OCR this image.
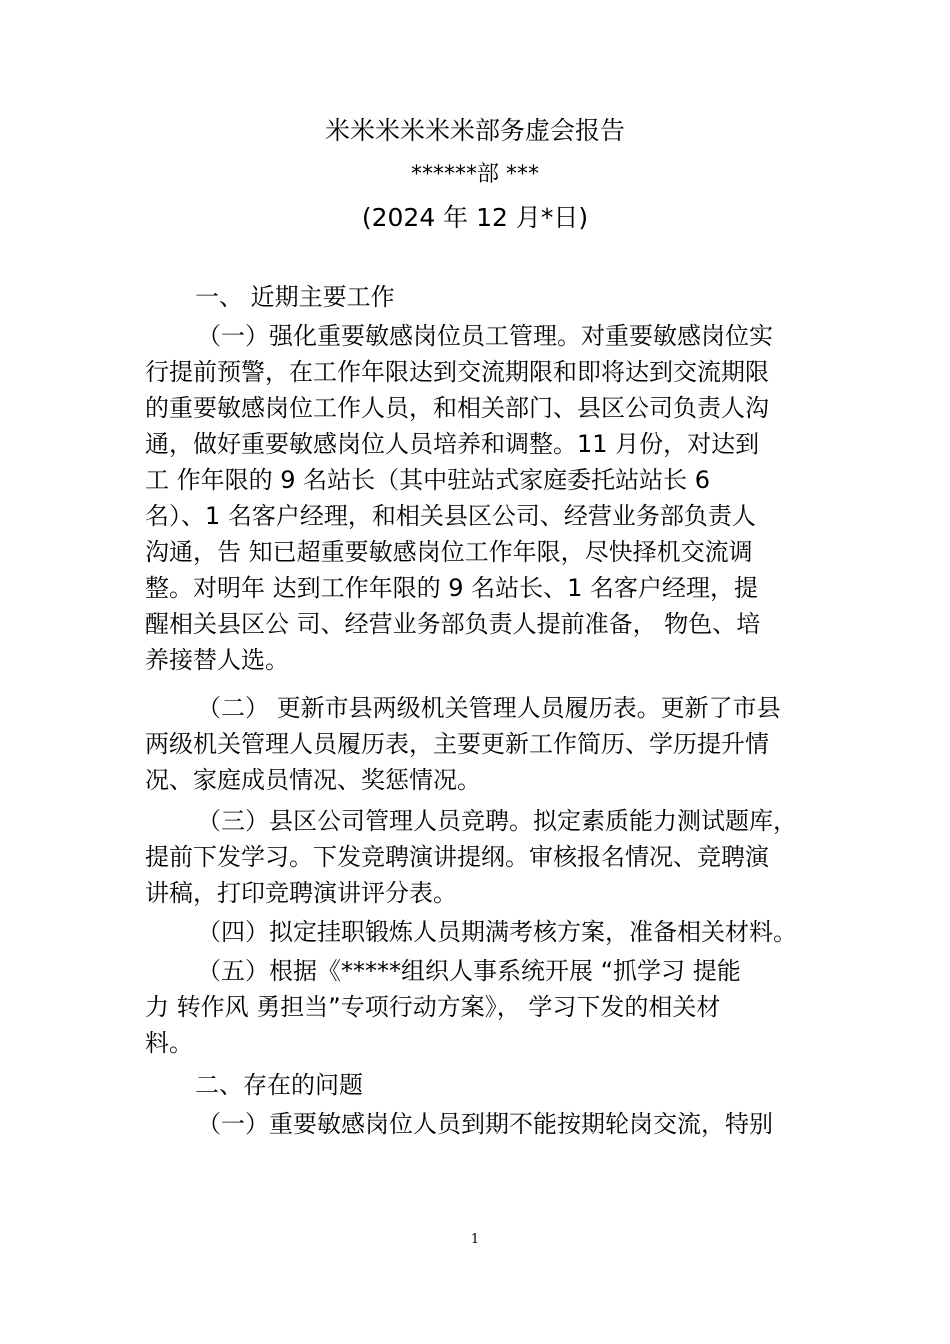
米米米米米米部务虚会报告
******部 ***
(2024 年 12 月*日)
一、 近期主要工作
（一）强化重要敏感岗位员工管理。对重要敏感岗位实
行提前预警，在工作年限达到交流期限和即将达到交流期限
的重要敏感岗位工作人员，和相关部门、县区公司负责人沟
通，做好重要敏感岗位人员培养和调整。11 月份，对达到
工 作年限的 9 名站长（其中驻站式家庭委托站站长 6
名）、1 名客户经理，和相关县区公司、经营业务部负责人
沟通，告 知已超重要敏感岗位工作年限，尽快择机交流调
整。对明年 达到工作年限的 9 名站长、1 名客户经理，提
醒相关县区公 司、经营业务部负责人提前准备， 物色、培
养接替人选。
（二） 更新市县两级机关管理人员履历表。更新了市县
两级机关管理人员履历表，主要更新工作简历、学历提升情
况、家庭成员情况、奖惩情况。
（三）县区公司管理人员竞聘。拟定素质能力测试题库，
提前下发学习。下发竞聘演讲提纲。审核报名情况、竞聘演
讲稿，打印竞聘演讲评分表。
（四）拟定挂职锻炼人员期满考核方案，准备相关材料。
（五）根据《*****组织人事系统开展 “抓学习 提能
力 转作风 勇担当”专项行动方案》， 学习下发的相关材
料。
二、存在的问题
（一）重要敏感岗位人员到期不能按期轮岗交流，特别
1
